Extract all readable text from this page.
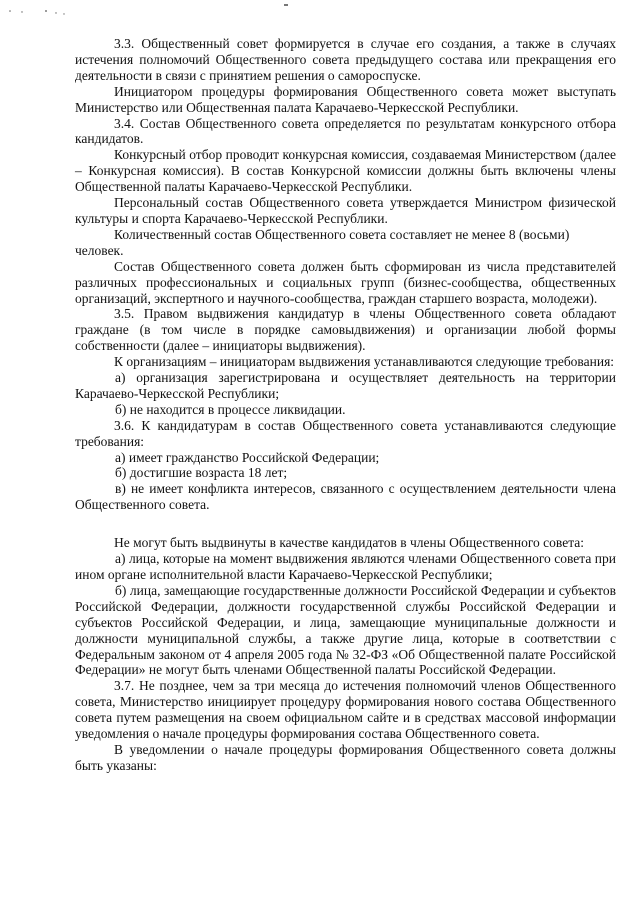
3.3. Общественный совет формируется в случае его создания, а также в случаях истечения полномочий Общественного совета предыдущего состава или прекращения его деятельности в связи с принятием решения о самороспуске.

Инициатором процедуры формирования Общественного совета может выступать Министерство или Общественная палата Карачаево-Черкесской Республики.

3.4. Состав Общественного совета определяется по результатам конкурсного отбора кандидатов.

Конкурсный отбор проводит конкурсная комиссия, создаваемая Министерством (далее – Конкурсная комиссия). В состав Конкурсной комиссии должны быть включены члены Общественной палаты Карачаево-Черкесской Республики.

Персональный состав Общественного совета утверждается Министром физической культуры и спорта Карачаево-Черкесской Республики.

Количественный состав Общественного совета составляет не менее 8 (восьми) человек.

Состав Общественного совета должен быть сформирован из числа представителей различных профессиональных и социальных групп (бизнес-сообщества, общественных организаций, экспертного и научного-сообщества, граждан старшего возраста, молодежи).

3.5. Правом выдвижения кандидатур в члены Общественного совета обладают граждане (в том числе в порядке самовыдвижения) и организации любой формы собственности (далее – инициаторы выдвижения).

К организациям – инициаторам выдвижения устанавливаются следующие требования:

а) организация зарегистрирована и осуществляет деятельность на территории Карачаево-Черкесской Республики;

б) не находится в процессе ликвидации.

3.6. К кандидатурам в состав Общественного совета устанавливаются следующие требования:

а) имеет гражданство Российской Федерации;

б) достигшие возраста 18 лет;

в) не имеет конфликта интересов, связанного с осуществлением деятельности члена Общественного совета.

Не могут быть выдвинуты в качестве кандидатов в члены Общественного совета:

а) лица, которые на момент выдвижения являются членами Общественного совета при ином органе исполнительной власти Карачаево-Черкесской Республики;

б) лица, замещающие государственные должности Российской Федерации и субъектов Российской Федерации, должности государственной службы Российской Федерации и субъектов Российской Федерации, и лица, замещающие муниципальные должности и должности муниципальной службы, а также другие лица, которые в соответствии с Федеральным законом от 4 апреля 2005 года № 32-ФЗ «Об Общественной палате Российской Федерации» не могут быть членами Общественной палаты Российской Федерации.

3.7. Не позднее, чем за три месяца до истечения полномочий членов Общественного совета, Министерство инициирует процедуру формирования нового состава Общественного совета путем размещения на своем официальном сайте и в средствах массовой информации уведомления о начале процедуры формирования состава Общественного совета.

В уведомлении о начале процедуры формирования Общественного совета должны быть указаны:
